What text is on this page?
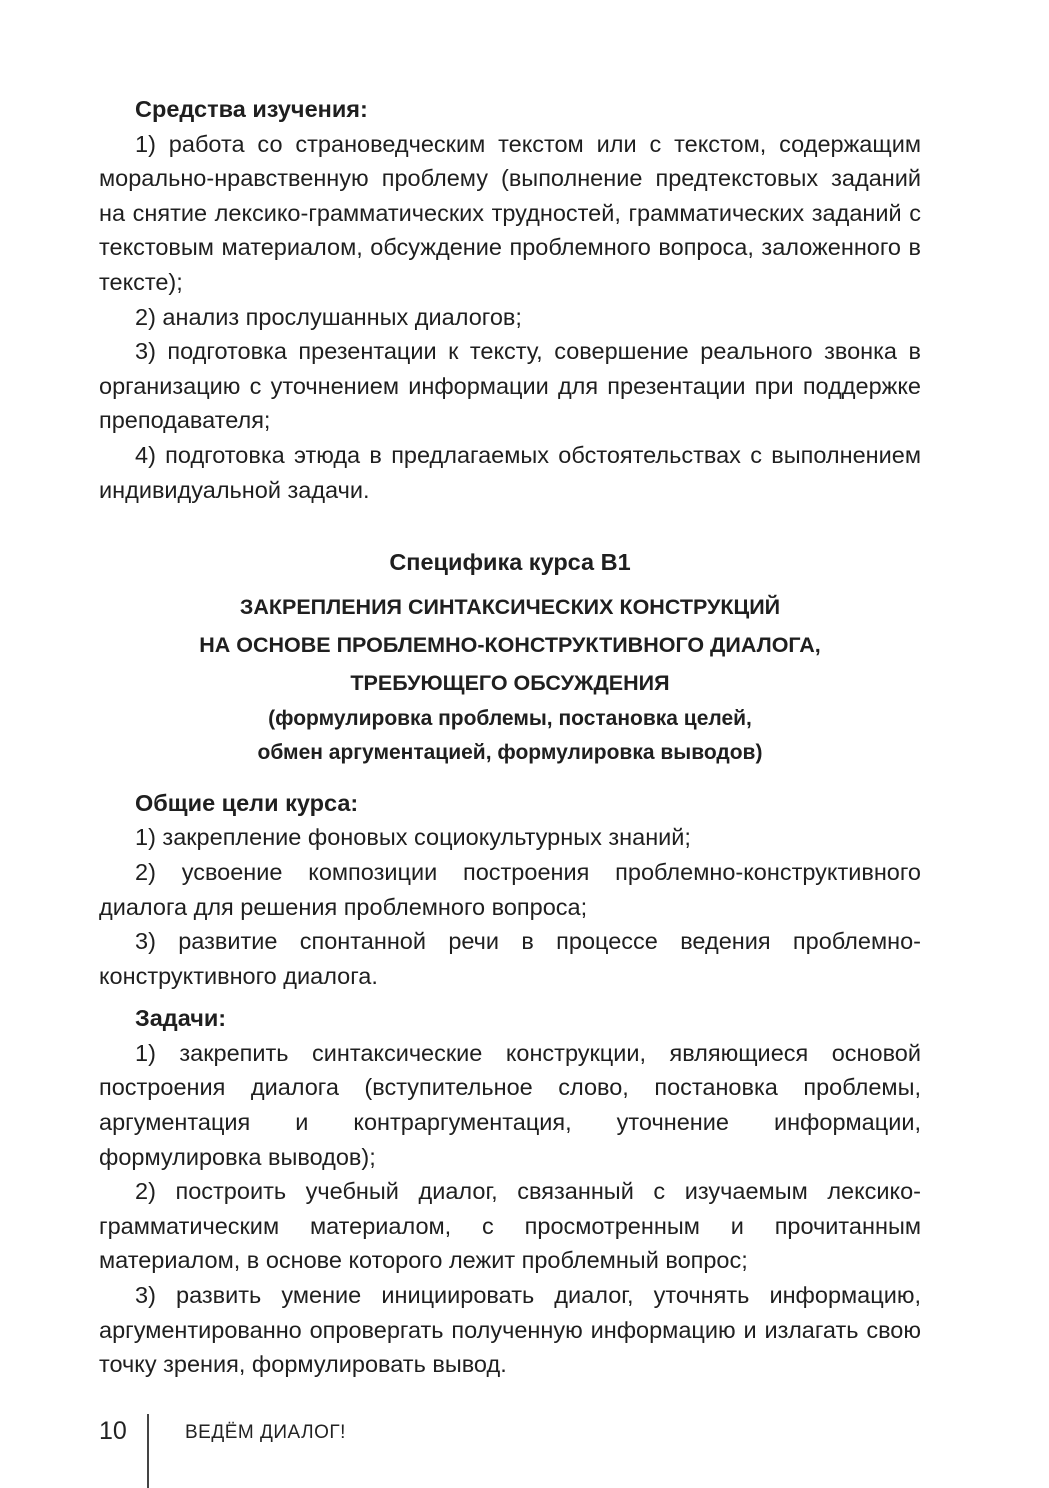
Средства изучения:

1) работа со страноведческим текстом или с текстом, содержащим морально-нравственную проблему (выполнение предтекстовых заданий на снятие лексико-грамматических трудностей, грамматических заданий с текстовым материалом, обсуждение проблемного вопроса, заложенного в тексте);

2) анализ прослушанных диалогов;

3) подготовка презентации к тексту, совершение реального звонка в организацию с уточнением информации для презентации при поддержке преподавателя;

4) подготовка этюда в предлагаемых обстоятельствах с выполнением индивидуальной задачи.

Специфика курса B1
ЗАКРЕПЛЕНИЯ СИНТАКСИЧЕСКИХ КОНСТРУКЦИЙ
НА ОСНОВЕ ПРОБЛЕМНО-КОНСТРУКТИВНОГО ДИАЛОГА,
ТРЕБУЮЩЕГО ОБСУЖДЕНИЯ
(формулировка проблемы, постановка целей,
обмен аргументацией, формулировка выводов)
Общие цели курса:

1) закрепление фоновых социокультурных знаний;

2) усвоение композиции построения проблемно-конструктивного диалога для решения проблемного вопроса;

3) развитие спонтанной речи в процессе ведения проблемно-конструктивного диалога.

Задачи:

1) закрепить синтаксические конструкции, являющиеся основой построения диалога (вступительное слово, постановка проблемы, аргументация и контраргументация, уточнение информации, формулировка выводов);

2) построить учебный диалог, связанный с изучаемым лексико-грамматическим материалом, с просмотренным и прочитанным материалом, в основе которого лежит проблемный вопрос;

3) развить умение инициировать диалог, уточнять информацию, аргументированно опровергать полученную информацию и излагать свою точку зрения, формулировать вывод.

10	ВЕДЁМ ДИАЛОГ!
